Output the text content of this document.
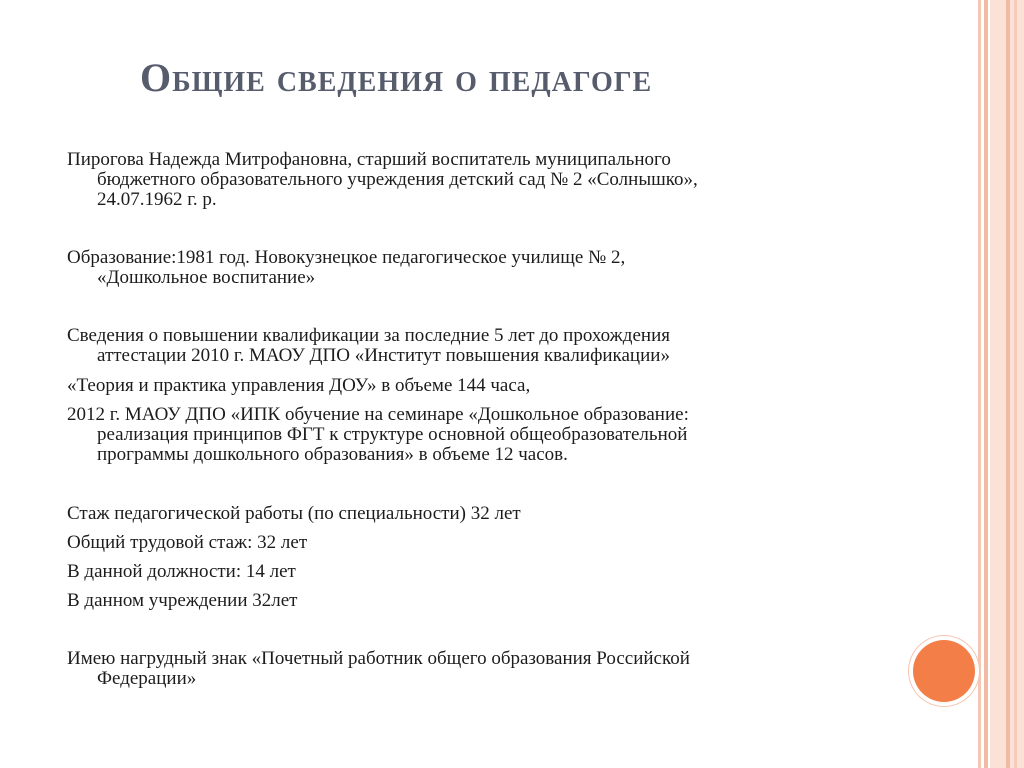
Общие сведения о педагоге

Пирогова Надежда Митрофановна, старший воспитатель муниципального
бюджетного образовательного учреждения детский сад № 2 «Солнышко»,
24.07.1962 г. р.

Образование:1981 год. Новокузнецкое педагогическое училище № 2,
«Дошкольное воспитание»

Сведения о повышении квалификации за последние 5 лет до прохождения
аттестации 2010 г. МАОУ ДПО «Институт повышения квалификации»

«Теория и практика управления ДОУ» в объеме 144 часа,

2012 г. МАОУ ДПО «ИПК обучение на семинаре «Дошкольное образование:
реализация принципов ФГТ к структуре основной общеобразовательной
программы дошкольного образования» в объеме 12 часов.

Стаж педагогической работы (по специальности) 32 лет

Общий трудовой стаж: 32 лет

В данной должности: 14 лет

В данном учреждении 32лет

Имею нагрудный знак «Почетный работник общего образования Российской
Федерации»
